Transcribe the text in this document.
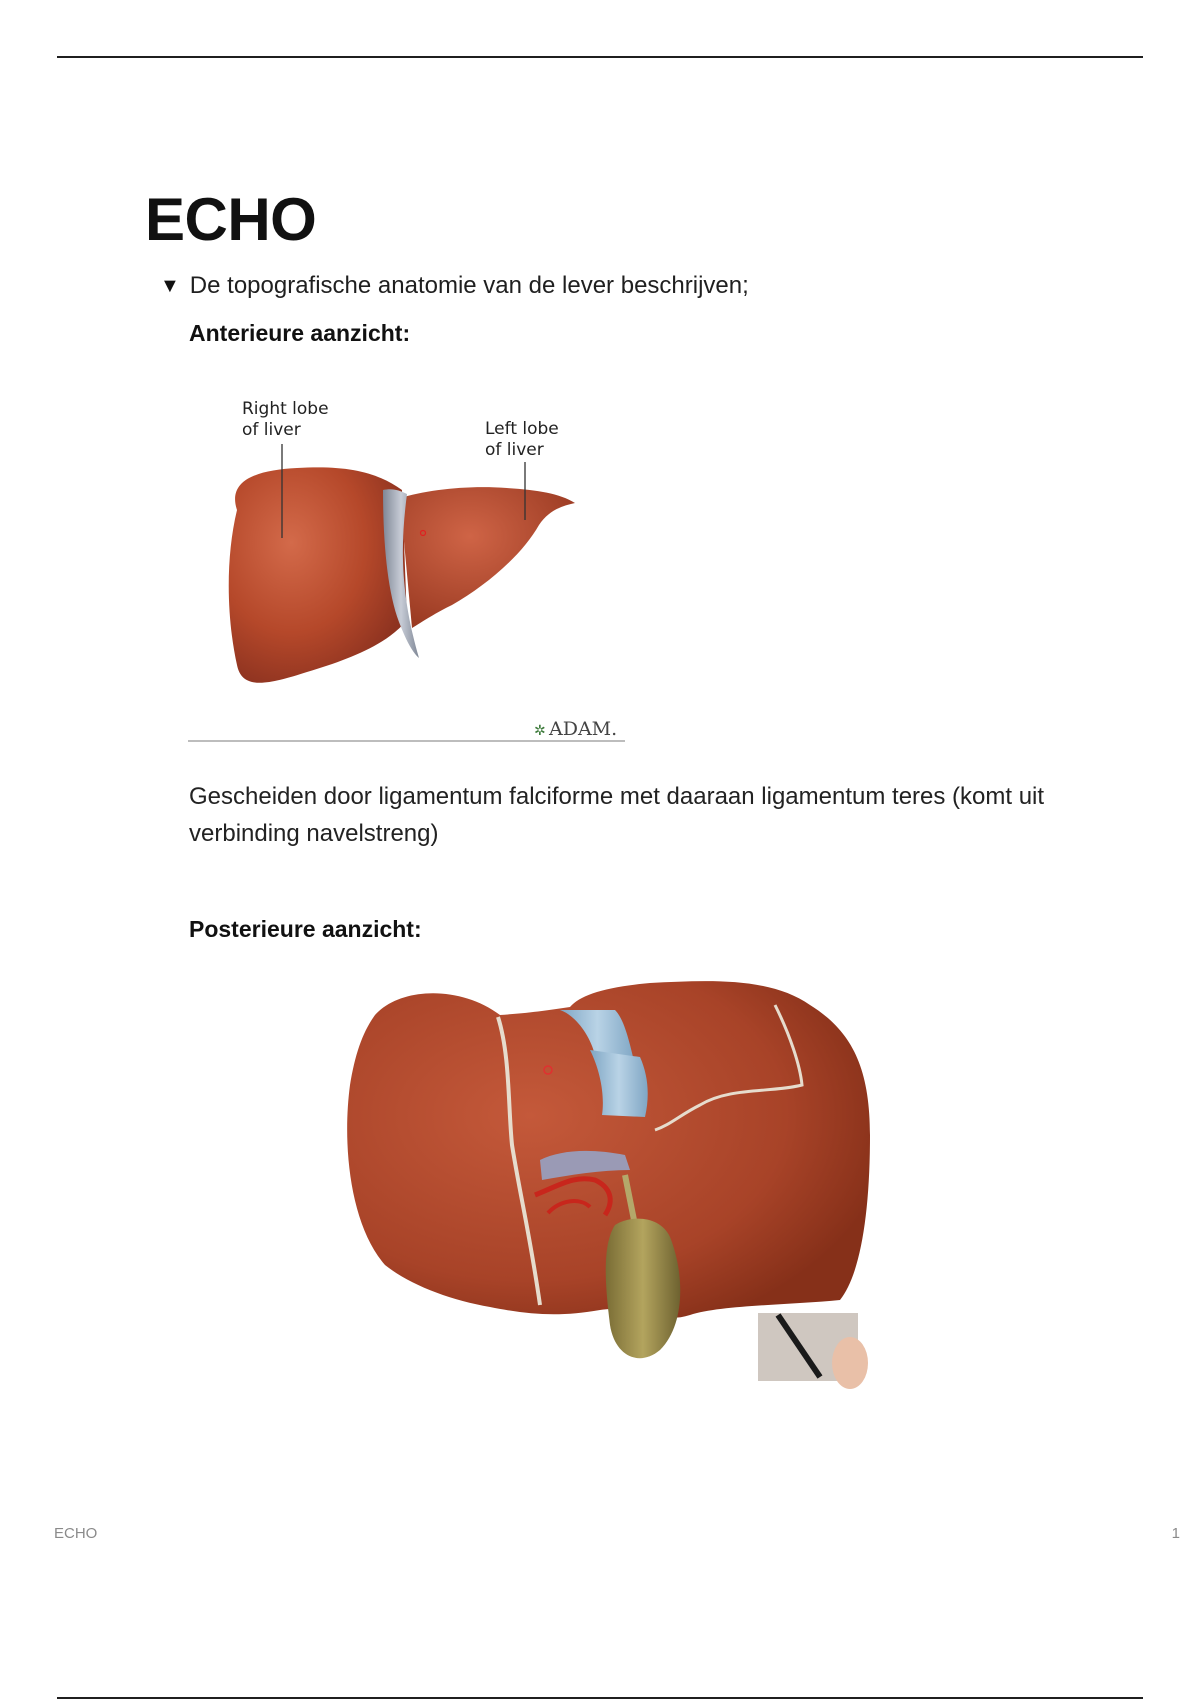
ECHO
▼ De topografische anatomie van de lever beschrijven;
Anterieure aanzicht:
Right lobe
of liver	Left lobe
of liver
✲ ADAM.
Gescheiden door ligamentum falciforme met daaraan ligamentum teres (komt uit verbinding navelstreng)
Posterieure aanzicht:
ECHO	1
